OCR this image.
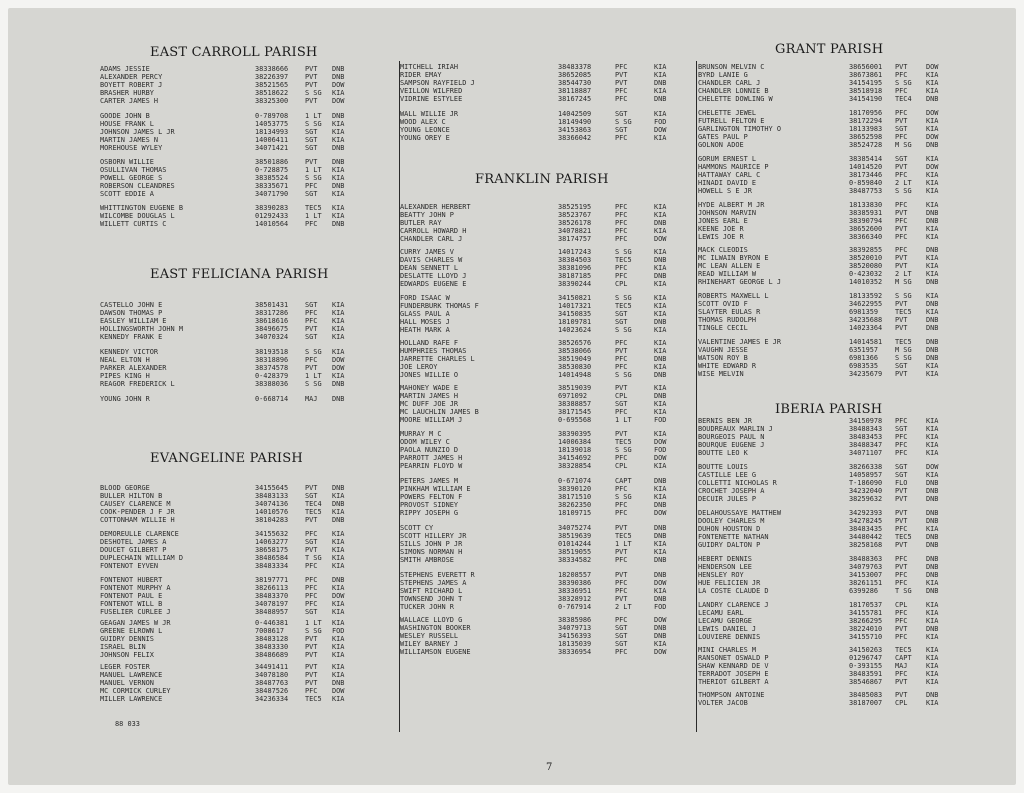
EAST CARROLL PARISH
ADAMS JESSIE	38338666 PVT DNB
ALEXANDER PERCY	38226397 PVT DNB
BOYETT ROBERT J	38521565 PVT DOW
BRASHER HURBY	38518622 S SG KIA
CARTER JAMES H	38325300 PVT DOW
GOODE JOHN B	0-789708 1 LT DNB
HOUSE FRANK L	14053775 S SG KIA
JOHNSON JAMES L JR	18134993 SGT KIA
MARTIN JAMES N	14006411 SGT KIA
MOREHOUSE WYLEY	34071421 SGT DNB
OSBORN WILLIE	38501886 PVT DNB
OSULLIVAN THOMAS	0-728875 1 LT KIA
POWELL GEORGE S	38385524 S SG KIA
ROBERSON CLEANDRES	38335671 PFC DNB
SCOTT EDDIE A	34071790 SGT KIA
WHITTINGTON EUGENE B	38390283 TEC5 KIA
WILCOMBE DOUGLAS L	01292433 1 LT KIA
WILLETT CURTIS C	14010564 PFC DNB
EAST FELICIANA PARISH
CASTELLO JOHN E	38501431 SGT KIA
DAWSON THOMAS P	38317286 PFC KIA
EASLEY WILLIAM E	38618616 PFC KIA
HOLLINGSWORTH JOHN M	38496675 PVT KIA
KENNEDY FRANK E	34070324 SGT KIA
KENNEDY VICTOR	38193518 S SG KIA
NEAL ELTON H	38318896 PFC DOW
PARKER ALEXANDER	38374578 PVT DOW
PIPES KING H	0-428379 1 LT KIA
REAGOR FREDERICK L	38388036 S SG DNB
YOUNG JOHN R	0-668714 MAJ DNB
EVANGELINE PARISH
BLOOD GEORGE	34155645 PVT DNB
BULLER HILTON B	38483133 SGT KIA
CAUSEY CLARENCE M	34074136 TEC4 DNB
COOK-PENDER J F JR	14010576 TEC5 KIA
COTTONHAM WILLIE H	38104283 PVT DNB
DEMOREULLE CLARENCE	34155632 PFC KIA
DESHOTEL JAMES A	14063277 SGT KIA
DOUCET GILBERT P	38658175 PVT KIA
DUPLECHAIN WILLIAM D	38486584 T SG KIA
FONTENOT EYVEN	38483334 PFC KIA
FONTENOT HUBERT	38197771 PFC DNB
FONTENOT MURPHY A	38266113 PFC KIA
FONTENOT PAUL E	38483370 PFC DOW
FONTENOT WILL B	34078197 PFC KIA
FUSELIER CURLEE J	38488957 SGT KIA
GEAGAN JAMES W JR	0-446381 1 LT KIA
GREENE ELROWN L	7008617	S SG FOD
GUIDRY DENNIS	38483128 PVT KIA
ISRAEL BLIN	38483330 PVT KIA
JOHNSON FELIX	38486689 PVT KIA
LEGER FOSTER	34491411 PVT KIA
MANUEL LAWRENCE	34078180 PVT KIA
MANUEL VERNON	38487763 PVT DNB
MC CORMICK CURLEY	38487526 PFC DOW
MILLER LAWRENCE	34236334 TEC5 KIA
MITCHELL IRIAH	38483378	PFC	KIA
RIDER EMAY	38652085	PVT	KIA
SAMPSON RAYFIELD J	38544730	PVT	DNB
VEILLON WILFRED	38118887	PFC	KIA
VIDRINE ESTYLEE	38167245	PFC	DNB
WALL WILLIE JR	14042509	SGT	KIA
WOOD ALEX C	18149490	S SG	FOD
YOUNG LEONCE	34153863	SGT	DOW
YOUNG OREY E	38366042	PFC	KIA
FRANKLIN PARISH
ALEXANDER HERBERT	38525195	PFC	KIA
BEATTY JOHN P	38523767	PFC	KIA
BUTLER RAY	38526178	PFC	DNB
CARROLL HOWARD H	34078821	PFC	KIA
CHANDLER CARL J	38174757	PFC	DOW
CURRY JAMES V	14017243	S SG	KIA
DAVIS CHARLES W	38384503	TEC5	DNB
DEAN SENNETT L	38381096	PFC	KIA
DESLATTE LLOYD J	38187185	PFC	DNB
EDWARDS EUGENE E	38390244	CPL	KIA
FORD ISAAC W	34150821	S SG	KIA
FUNDERBURK THOMAS F	14017321	TEC5	KIA
GLASS PAUL A	34150835	SGT	KIA
HALL MOSES J	18109781	SGT	DNB
HEATH MARK A	14023624	S SG	KIA
HOLLAND RAFE F	38526576	PFC	KIA
HUMPHRIES THOMAS	38538066	PVT	KIA
JARRETTE CHARLES L	38519049	PFC	DNB
JOE LEROY	38530830	PFC	KIA
JONES WILLIE O	14014948	S SG	DNB
MAHONEY WADE E	38519039	PVT	KIA
MARTIN JAMES H	6971092	CPL	DNB
MC DUFF JOE JR	38388857	SGT	KIA
MC LAUCHLIN JAMES B	38171545	PFC	KIA
MOORE WILLIAM J	0-695568	1 LT	FOD
MURRAY M C	38390395	PVT	KIA
ODOM WILEY C	14006384	TEC5	DOW
PAOLA NUNZIO D	18139018	S SG	FOD
PARROTT JAMES H	34154692	PFC	DOW
PEARRIN FLOYD W	38328854	CPL	KIA
PETERS JAMES M	0-671074	CAPT	DNB
PINKHAM WILLIAM E	38390120	PFC	KIA
POWERS FELTON F	38171510	S SG	KIA
PROVOST SIDNEY	38262350	PFC	DNB
RIPPY JOSEPH G	18109715	PFC	DOW
SCOTT CY	34075274	PVT	DNB
SCOTT HILLERY JR	38519639	TEC5	DNB
SILLS JOHN P JR	01014244	1 LT	KIA
SIMONS NORMAN H	38519055	PVT	KIA
SMITH AMBROSE	38334582	PFC	DNB
STEPHENS EVERETT R	18208557	PVT	DNB
STEPHENS JAMES A	38390386	PFC	DOW
SWIFT RICHARD L	38336951	PFC	KIA
TOWNSEND JOHN T	38328912	PVT	DNB
TUCKER JOHN R	0-767914	2 LT	FOD
WALLACE LLOYD G	38385986	PFC	DOW
WASHINGTON BOOKER	34079713	SGT	DNB
WESLEY RUSSELL	34156393	SGT	DNB
WILEY BARNEY J	18135039	SGT	KIA
WILLIAMSON EUGENE	38336954	PFC	DOW
GRANT PARISH
BRUNSON MELVIN C	38656001 PVT	DOW
BYRD LANIE G	38673861 PFC	KIA
CHANDLER CARL J	34154195 S SG KIA
CHANDLER LONNIE B	38518918 PFC	KIA
CHELETTE DOWLING W	34154190 TEC4 DNB
CHELETTE JEWEL	18170956 PFC	DOW
FUTRELL FELTON E	38172294 PVT	KIA
GARLINGTON TIMOTHY O	18133983 SGT	KIA
GATES PAUL P	38652598 PFC	DOW
GOLNON ADOE	38524728 M SG DNB
GORUM ERNEST L	38385414 SGT	KIA
HAMMONS MAURICE P	14014520 PVT	DOW
HATTAWAY CARL C	38173446 PFC	KIA
HINADI DAVID E	0-859840 2 LT KIA
HOWELL S E JR	38487753 S SG KIA
HYDE ALBERT M JR	18133830 PFC	KIA
JOHNSON MARVIN	38385931 PVT	DNB
JONES EARL E	38390794 PFC	DNB
KEENE JOE R	38652600 PVT	KIA
LEWIS JOE R	38366340 PFC	KIA
MACK CLEODIS	38392855 PFC	DNB
MC ILWAIN BYRON E	38520010 PVT	KIA
MC LEAN ALLEN E	38520080 PVT	KIA
READ WILLIAM W	0-423032 2 LT KIA
RHINEHART GEORGE L J	14010352 M SG DNB
ROBERTS MAXWELL L	18133592 S SG KIA
SCOTT OVID F	34622955 PVT	DNB
SLAYTER EULAS R	6981359 TEC5 KIA
THOMAS RUDOLPH	34235688 PVT	DNB
TINGLE CECIL	14023364 PVT	DNB
VALENTINE JAMES E JR	14014581 TEC5 DNB
VAUGHN JESSE	6351957 M SG DNB
WATSON ROY B	6981366 S SG DNB
WHITE EDWARD R	6983535 SGT	KIA
WISE MELVIN	34235679 PVT	KIA
IBERIA PARISH
BERNIS BEN JR	34150978 PFC	KIA
BOUDREAUX MARLIN J	38488343 SGT	KIA
BOURGEOIS PAUL N	38483453 PFC	KIA
BOURQUE EUGENE J	38488347 PFC	KIA
BOUTTE LEO K	34071107 PFC	KIA
BOUTTE LOUIS	38266338 SGT	DOW
CASTILLE LEE G	14058957 SGT	KIA
COLLETTI NICHOLAS R	T-186090 FLO	DNB
CROCHET JOSEPH A	34232040 PVT	DNB
DECUIR JULES P	38259632 PVT	DNB
DELAHOUSSAYE MATTHEW	34292393 PVT	DNB
DOOLEY CHARLES M	34278245 PVT	DNB
DUHON HOUSTON D	38483435 PFC	KIA
FONTENETTE NATHAN	34480442 TEC5 DNB
GUIDRY DALTON P	38258168 PVT	DNB
HEBERT DENNIS	38488363 PFC	DNB
HENDERSON LEE	34079763 PVT	DNB
HENSLEY ROY	34153007 PFC	DNB
HUE FELICIEN JR	38261151 PFC	KIA
LA COSTE CLAUDE D	6399286 T SG DNB
LANDRY CLARENCE J	18170537 CPL	KIA
LECAMU EARL	34155781 PFC	KIA
LECAMU GEORGE	38266295 PFC	KIA
LEWIS DANIEL J	38224010 PVT	DNB
LOUVIERE DENNIS	34155710 PFC	KIA
MINI CHARLES M	34150263 TEC5 KIA
RANSONET OSWALD P	01296747 CAPT KIA
SHAW KENNARD DE V	0-393155 MAJ	KIA
TERRADOT JOSEPH E	38483591 PFC	KIA
THERIOT GILBERT A	38546867 PVT	KIA
THOMPSON ANTOINE	38485083 PVT	DNB
VOLTER JACOB	38187007 CPL	KIA
88 033
7
